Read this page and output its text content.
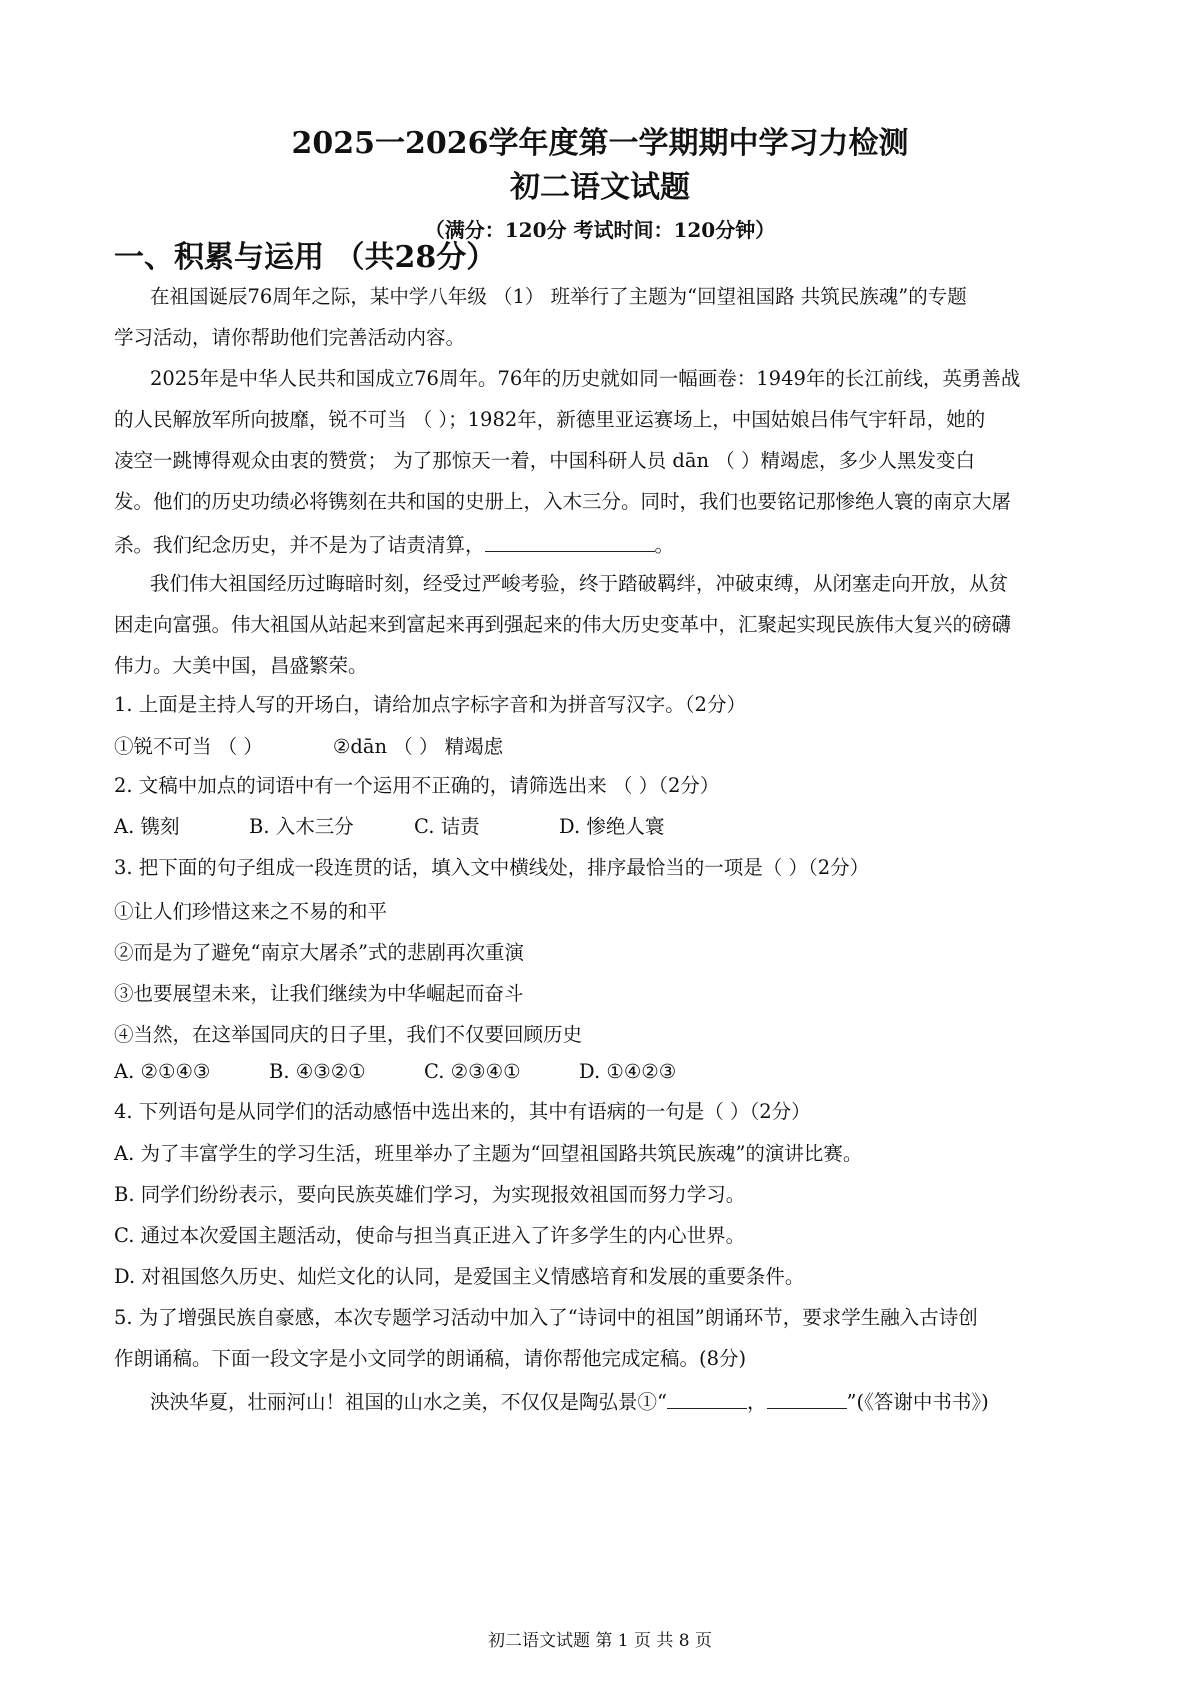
2025一2026学年度第一学期期中学习力检测
初二语文试题
（满分：120分 考试时间：120分钟）
一、积累与运用 （共28分）
在祖国诞辰76周年之际，某中学八年级 （1） 班举行了主题为“回望祖国路 共筑民族魂”的专题
学习活动，请你帮助他们完善活动内容。
2025年是中华人民共和国成立76周年。76年的历史就如同一幅画卷：1949年的长江前线，英勇善战
的人民解放军所向披靡，锐不可当 （ ）；1982年，新德里亚运赛场上，中国姑娘吕伟气宇轩昂，她的
凌空一跳博得观众由衷的赞赏； 为了那惊天一着，中国科研人员 dān （ ）精竭虑，多少人黑发变白
发。他们的历史功绩必将镌刻在共和国的史册上，入木三分。同时，我们也要铭记那惨绝人寰的南京大屠
杀。我们纪念历史，并不是为了诘责清算，	。
我们伟大祖国经历过晦暗时刻，经受过严峻考验，终于踏破羁绊，冲破束缚，从闭塞走向开放，从贫
困走向富强。伟大祖国从站起来到富起来再到强起来的伟大历史变革中，汇聚起实现民族伟大复兴的磅礴
伟力。大美中国，昌盛繁荣。
1. 上面是主持人写的开场白，请给加点字标字音和为拼音写汉字。（2分）
①锐不可当 （ ）	②dān （ ） 精竭虑
2. 文稿中加点的词语中有一个运用不正确的，请筛选出来 （ ）（2分）
A. 镌刻	B. 入木三分	C. 诘责	D. 惨绝人寰
3. 把下面的句子组成一段连贯的话，填入文中横线处，排序最恰当的一项是（ ）（2分）
①让人们珍惜这来之不易的和平
②而是为了避免“南京大屠杀”式的悲剧再次重演
③也要展望未来，让我们继续为中华崛起而奋斗
④当然，在这举国同庆的日子里，我们不仅要回顾历史
A. ②①④③	B. ④③②①	C. ②③④①	D. ①④②③
4. 下列语句是从同学们的活动感悟中选出来的，其中有语病的一句是（ ）（2分）
A. 为了丰富学生的学习生活，班里举办了主题为“回望祖国路共筑民族魂”的演讲比赛。
B. 同学们纷纷表示，要向民族英雄们学习，为实现报效祖国而努力学习。
C. 通过本次爱国主题活动，使命与担当真正进入了许多学生的内心世界。
D. 对祖国悠久历史、灿烂文化的认同，是爱国主义情感培育和发展的重要条件。
5. 为了增强民族自豪感，本次专题学习活动中加入了“诗词中的祖国”朗诵环节，要求学生融入古诗创
作朗诵稿。下面一段文字是小文同学的朗诵稿，请你帮他完成定稿。(8分)
泱泱华夏，壮丽河山！祖国的山水之美，不仅仅是陶弘景①“	，	”(《答谢中书书》)
初二语文试题 第 1 页 共 8 页
